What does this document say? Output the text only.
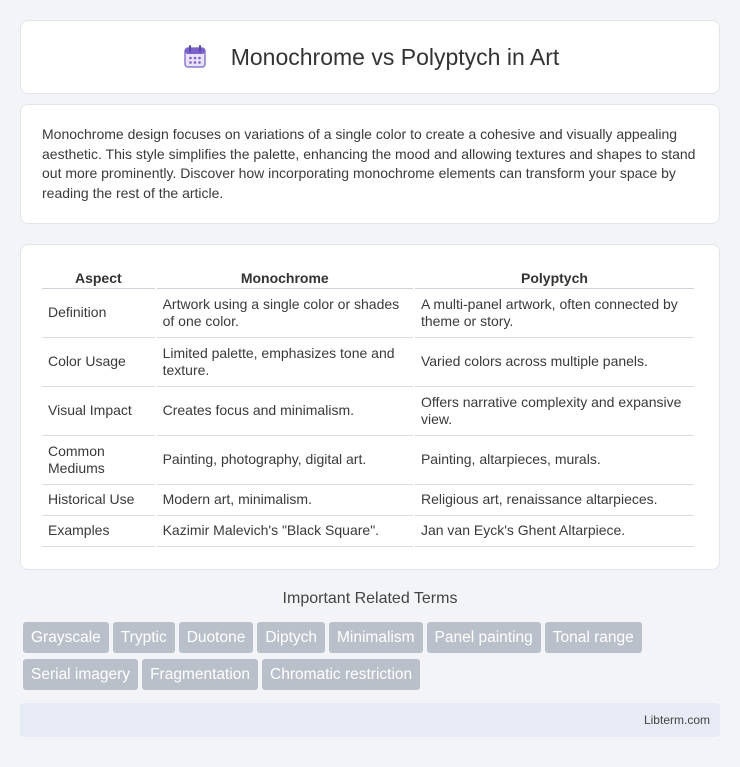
Monochrome vs Polyptych in Art

Monochrome design focuses on variations of a single color to create a cohesive and visually appealing aesthetic. This style simplifies the palette, enhancing the mood and allowing textures and shapes to stand out more prominently. Discover how incorporating monochrome elements can transform your space by reading the rest of the article.

Aspect	Monochrome	Polyptych
Definition	Artwork using a single color or shades of one color.	A multi-panel artwork, often connected by theme or story.
Color Usage	Limited palette, emphasizes tone and texture.	Varied colors across multiple panels.
Visual Impact	Creates focus and minimalism.	Offers narrative complexity and expansive view.
Common Mediums	Painting, photography, digital art.	Painting, altarpieces, murals.
Historical Use	Modern art, minimalism.	Religious art, renaissance altarpieces.
Examples	Kazimir Malevich's "Black Square".	Jan van Eyck's Ghent Altarpiece.
Important Related Terms
Grayscale Tryptic Duotone Diptych Minimalism Panel painting Tonal range
Serial imagery Fragmentation Chromatic restriction
Libterm.com
